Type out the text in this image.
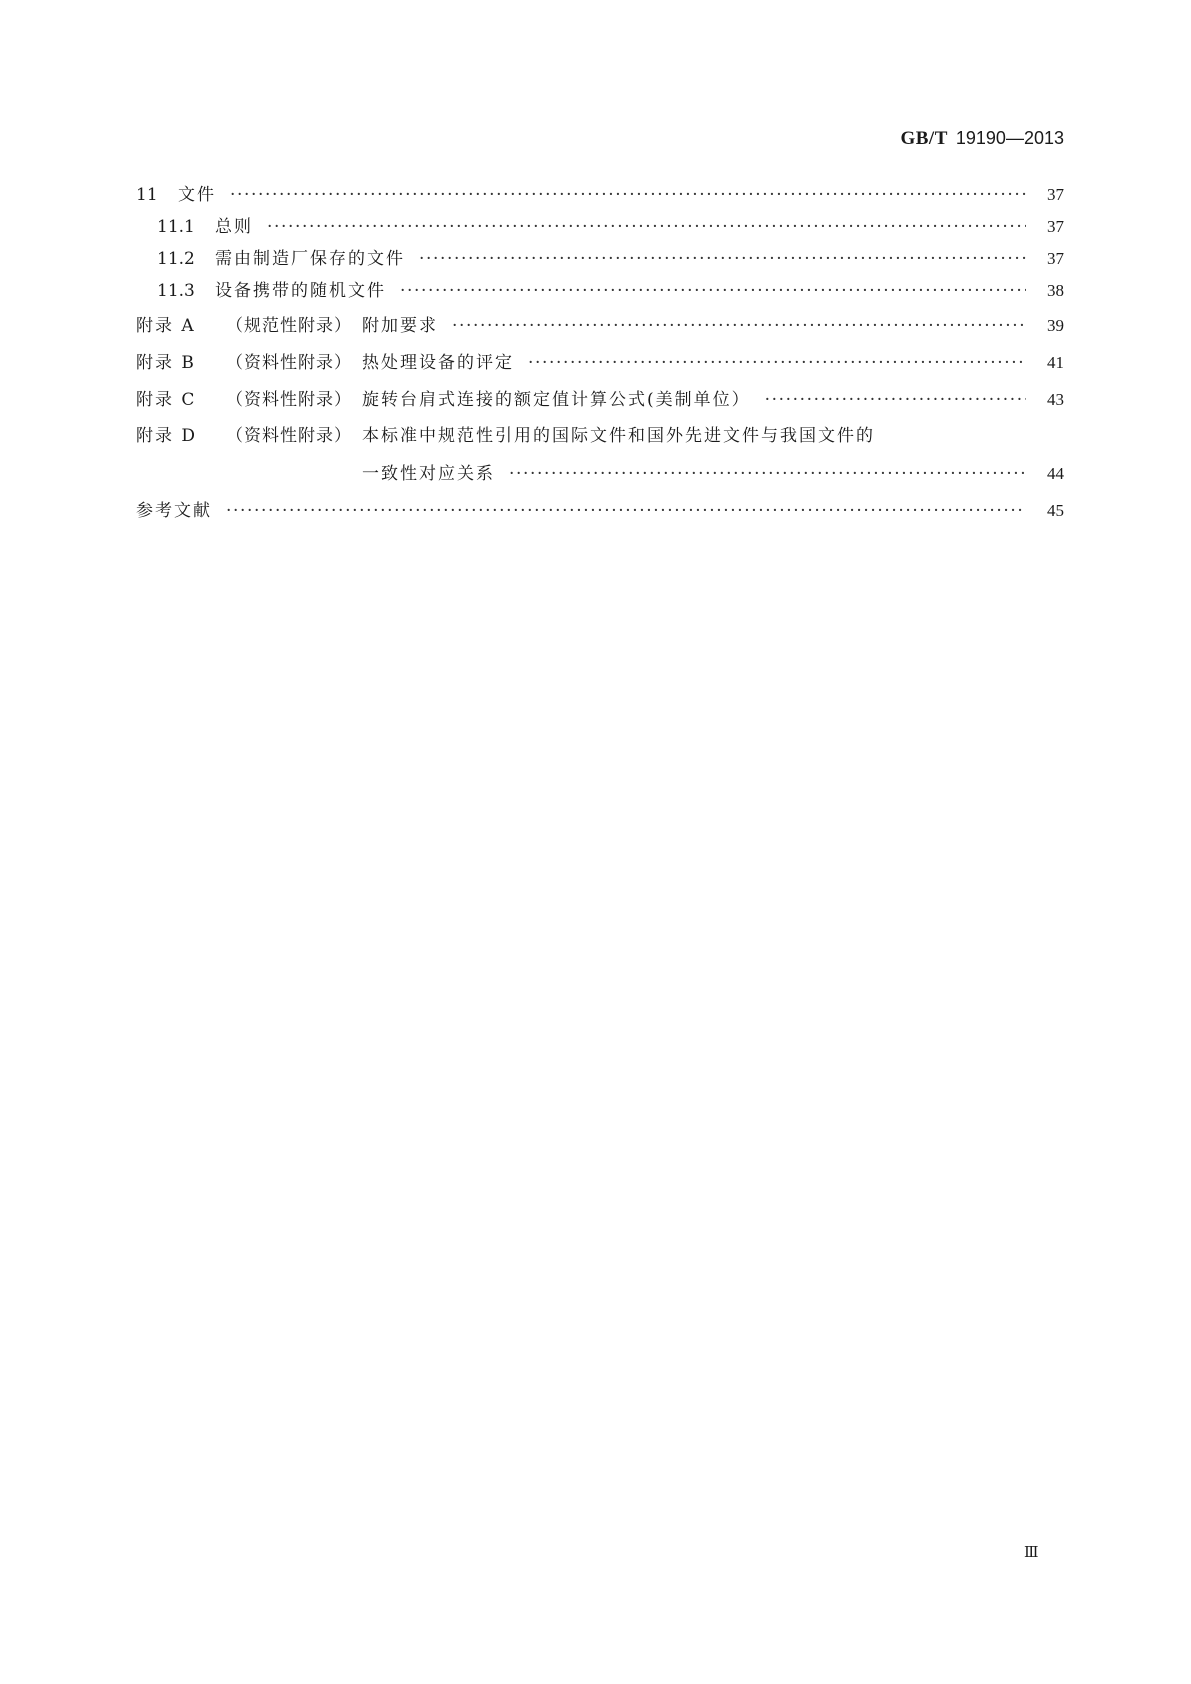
GB/T 19190—2013
11	文件 ·····	37
11.1	总则 ·····	37
11.2	需由制造厂保存的文件 ·····	37
11.3	设备携带的随机文件 ·····	38
附录 A	（规范性附录） 附加要求 ·····	39
附录 B	（资料性附录） 热处理设备的评定 ·····	41
附录 C	（资料性附录） 旋转台肩式连接的额定值计算公式(美制单位） ·····	43
附录 D	（资料性附录） 本标准中规范性引用的国际文件和国外先进文件与我国文件的
一致性对应关系 ·····	44
参考文献 ·····	45
Ⅲ
